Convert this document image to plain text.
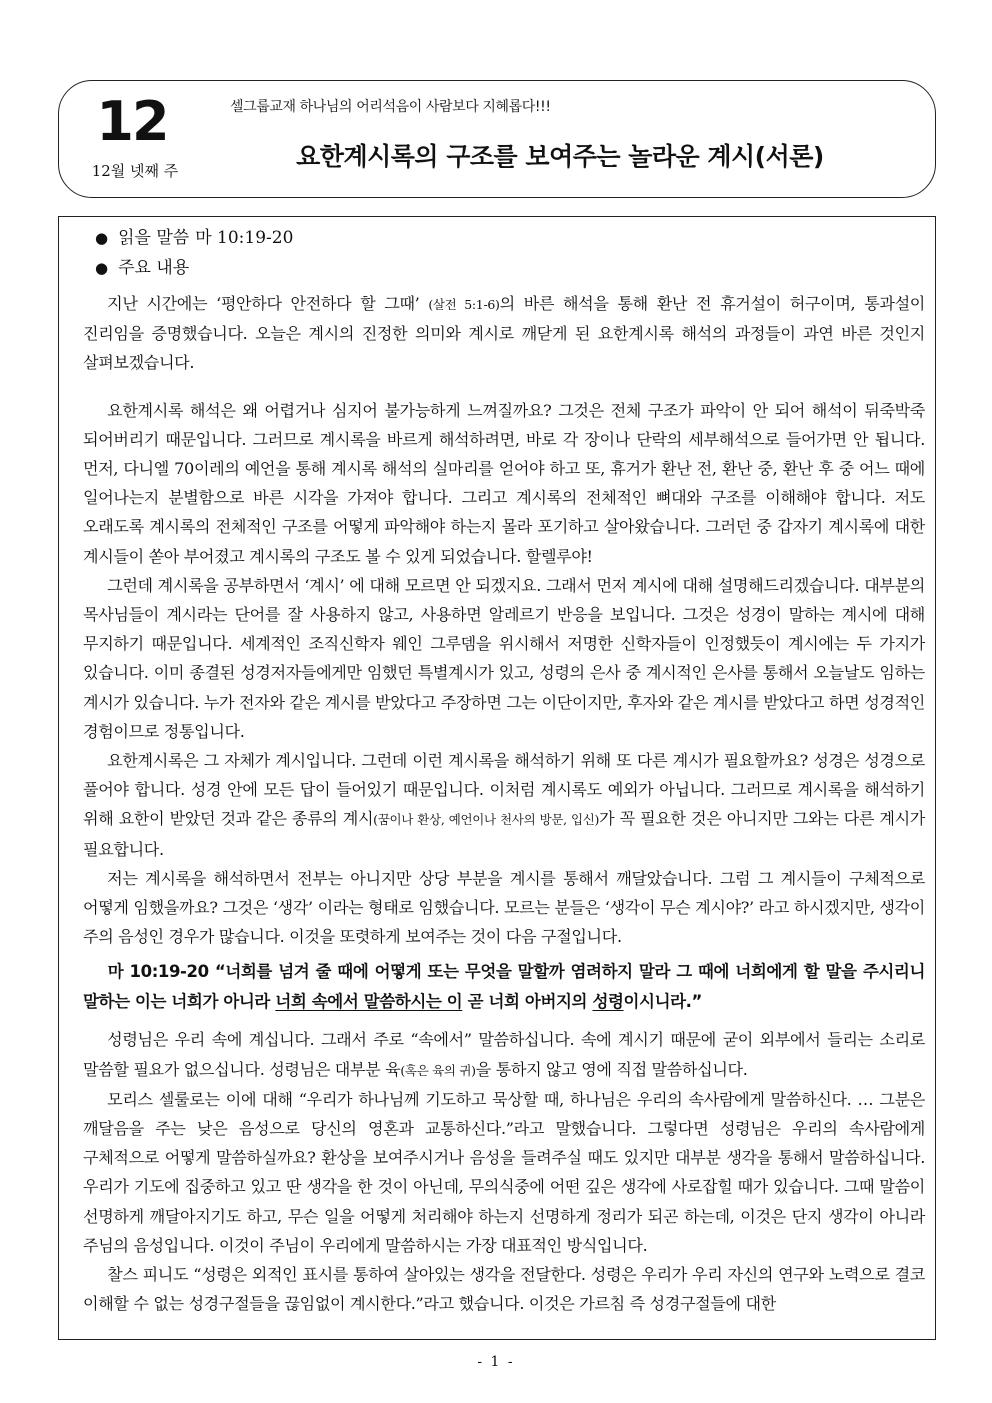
12
12월 넷째 주
셀그룹교재 하나님의 어리석음이 사람보다 지혜롭다!!!
요한계시록의 구조를 보여주는 놀라운 계시(서론)
● 읽을 말씀 마 10:19-20
● 주요 내용

지난 시간에는 ‘평안하다 안전하다 할 그때’ (살전 5:1-6)의 바른 해석을 통해 환난 전 휴거설이 허구이며, 통과설이 진리임을 증명했습니다. 오늘은 계시의 진정한 의미와 계시로 깨닫게 된 요한계시록 해석의 과정들이 과연 바른 것인지 살펴보겠습니다.

요한계시록 해석은 왜 어렵거나 심지어 불가능하게 느껴질까요? 그것은 전체 구조가 파악이 안 되어 해석이 뒤죽박죽 되어버리기 때문입니다. 그러므로 계시록을 바르게 해석하려면, 바로 각 장이나 단락의 세부해석으로 들어가면 안 됩니다. 먼저, 다니엘 70이레의 예언을 통해 계시록 해석의 실마리를 얻어야 하고 또, 휴거가 환난 전, 환난 중, 환난 후 중 어느 때에 일어나는지 분별함으로 바른 시각을 가져야 합니다. 그리고 계시록의 전체적인 뼈대와 구조를 이해해야 합니다. 저도 오래도록 계시록의 전체적인 구조를 어떻게 파악해야 하는지 몰라 포기하고 살아왔습니다. 그러던 중 갑자기 계시록에 대한 계시들이 쏟아 부어졌고 계시록의 구조도 볼 수 있게 되었습니다. 할렐루야!

그런데 계시록을 공부하면서 ‘계시’ 에 대해 모르면 안 되겠지요. 그래서 먼저 계시에 대해 설명해드리겠습니다. 대부분의 목사님들이 계시라는 단어를 잘 사용하지 않고, 사용하면 알레르기 반응을 보입니다. 그것은 성경이 말하는 계시에 대해 무지하기 때문입니다. 세계적인 조직신학자 웨인 그루뎀을 위시해서 저명한 신학자들이 인정했듯이 계시에는 두 가지가 있습니다. 이미 종결된 성경저자들에게만 임했던 특별계시가 있고, 성령의 은사 중 계시적인 은사를 통해서 오늘날도 임하는 계시가 있습니다. 누가 전자와 같은 계시를 받았다고 주장하면 그는 이단이지만, 후자와 같은 계시를 받았다고 하면 성경적인 경험이므로 정통입니다.

요한계시록은 그 자체가 계시입니다. 그런데 이런 계시록을 해석하기 위해 또 다른 계시가 필요할까요? 성경은 성경으로 풀어야 합니다. 성경 안에 모든 답이 들어있기 때문입니다. 이처럼 계시록도 예외가 아닙니다. 그러므로 계시록을 해석하기 위해 요한이 받았던 것과 같은 종류의 계시(꿈이나 환상, 예언이나 천사의 방문, 입신)가 꼭 필요한 것은 아니지만 그와는 다른 계시가 필요합니다.

저는 계시록을 해석하면서 전부는 아니지만 상당 부분을 계시를 통해서 깨달았습니다. 그럼 그 계시들이 구체적으로 어떻게 임했을까요? 그것은 ‘생각’ 이라는 형태로 임했습니다. 모르는 분들은 ‘생각이 무슨 계시야?’ 라고 하시겠지만, 생각이 주의 음성인 경우가 많습니다. 이것을 또렷하게 보여주는 것이 다음 구절입니다.

마 10:19-20 “너희를 넘겨 줄 때에 어떻게 또는 무엇을 말할까 염려하지 말라 그 때에 너희에게 할 말을 주시리니 말하는 이는 너희가 아니라 너희 속에서 말씀하시는 이 곧 너희 아버지의 성령이시니라.”

성령님은 우리 속에 계십니다. 그래서 주로 “속에서” 말씀하십니다. 속에 계시기 때문에 굳이 외부에서 들리는 소리로 말씀할 필요가 없으십니다. 성령님은 대부분 육(혹은 육의 귀)을 통하지 않고 영에 직접 말씀하십니다.

모리스 셀룰로는 이에 대해 “우리가 하나님께 기도하고 묵상할 때, 하나님은 우리의 속사람에게 말씀하신다. … 그분은 깨달음을 주는 낮은 음성으로 당신의 영혼과 교통하신다.”라고 말했습니다. 그렇다면 성령님은 우리의 속사람에게 구체적으로 어떻게 말씀하실까요? 환상을 보여주시거나 음성을 들려주실 때도 있지만 대부분 생각을 통해서 말씀하십니다. 우리가 기도에 집중하고 있고 딴 생각을 한 것이 아닌데, 무의식중에 어떤 깊은 생각에 사로잡힐 때가 있습니다. 그때 말씀이 선명하게 깨달아지기도 하고, 무슨 일을 어떻게 처리해야 하는지 선명하게 정리가 되곤 하는데, 이것은 단지 생각이 아니라 주님의 음성입니다. 이것이 주님이 우리에게 말씀하시는 가장 대표적인 방식입니다.

찰스 피니도 “성령은 외적인 표시를 통하여 살아있는 생각을 전달한다. 성령은 우리가 우리 자신의 연구와 노력으로 결코 이해할 수 없는 성경구절들을 끊임없이 계시한다.”라고 했습니다. 이것은 가르침 즉 성경구절들에 대한

- 1 -
